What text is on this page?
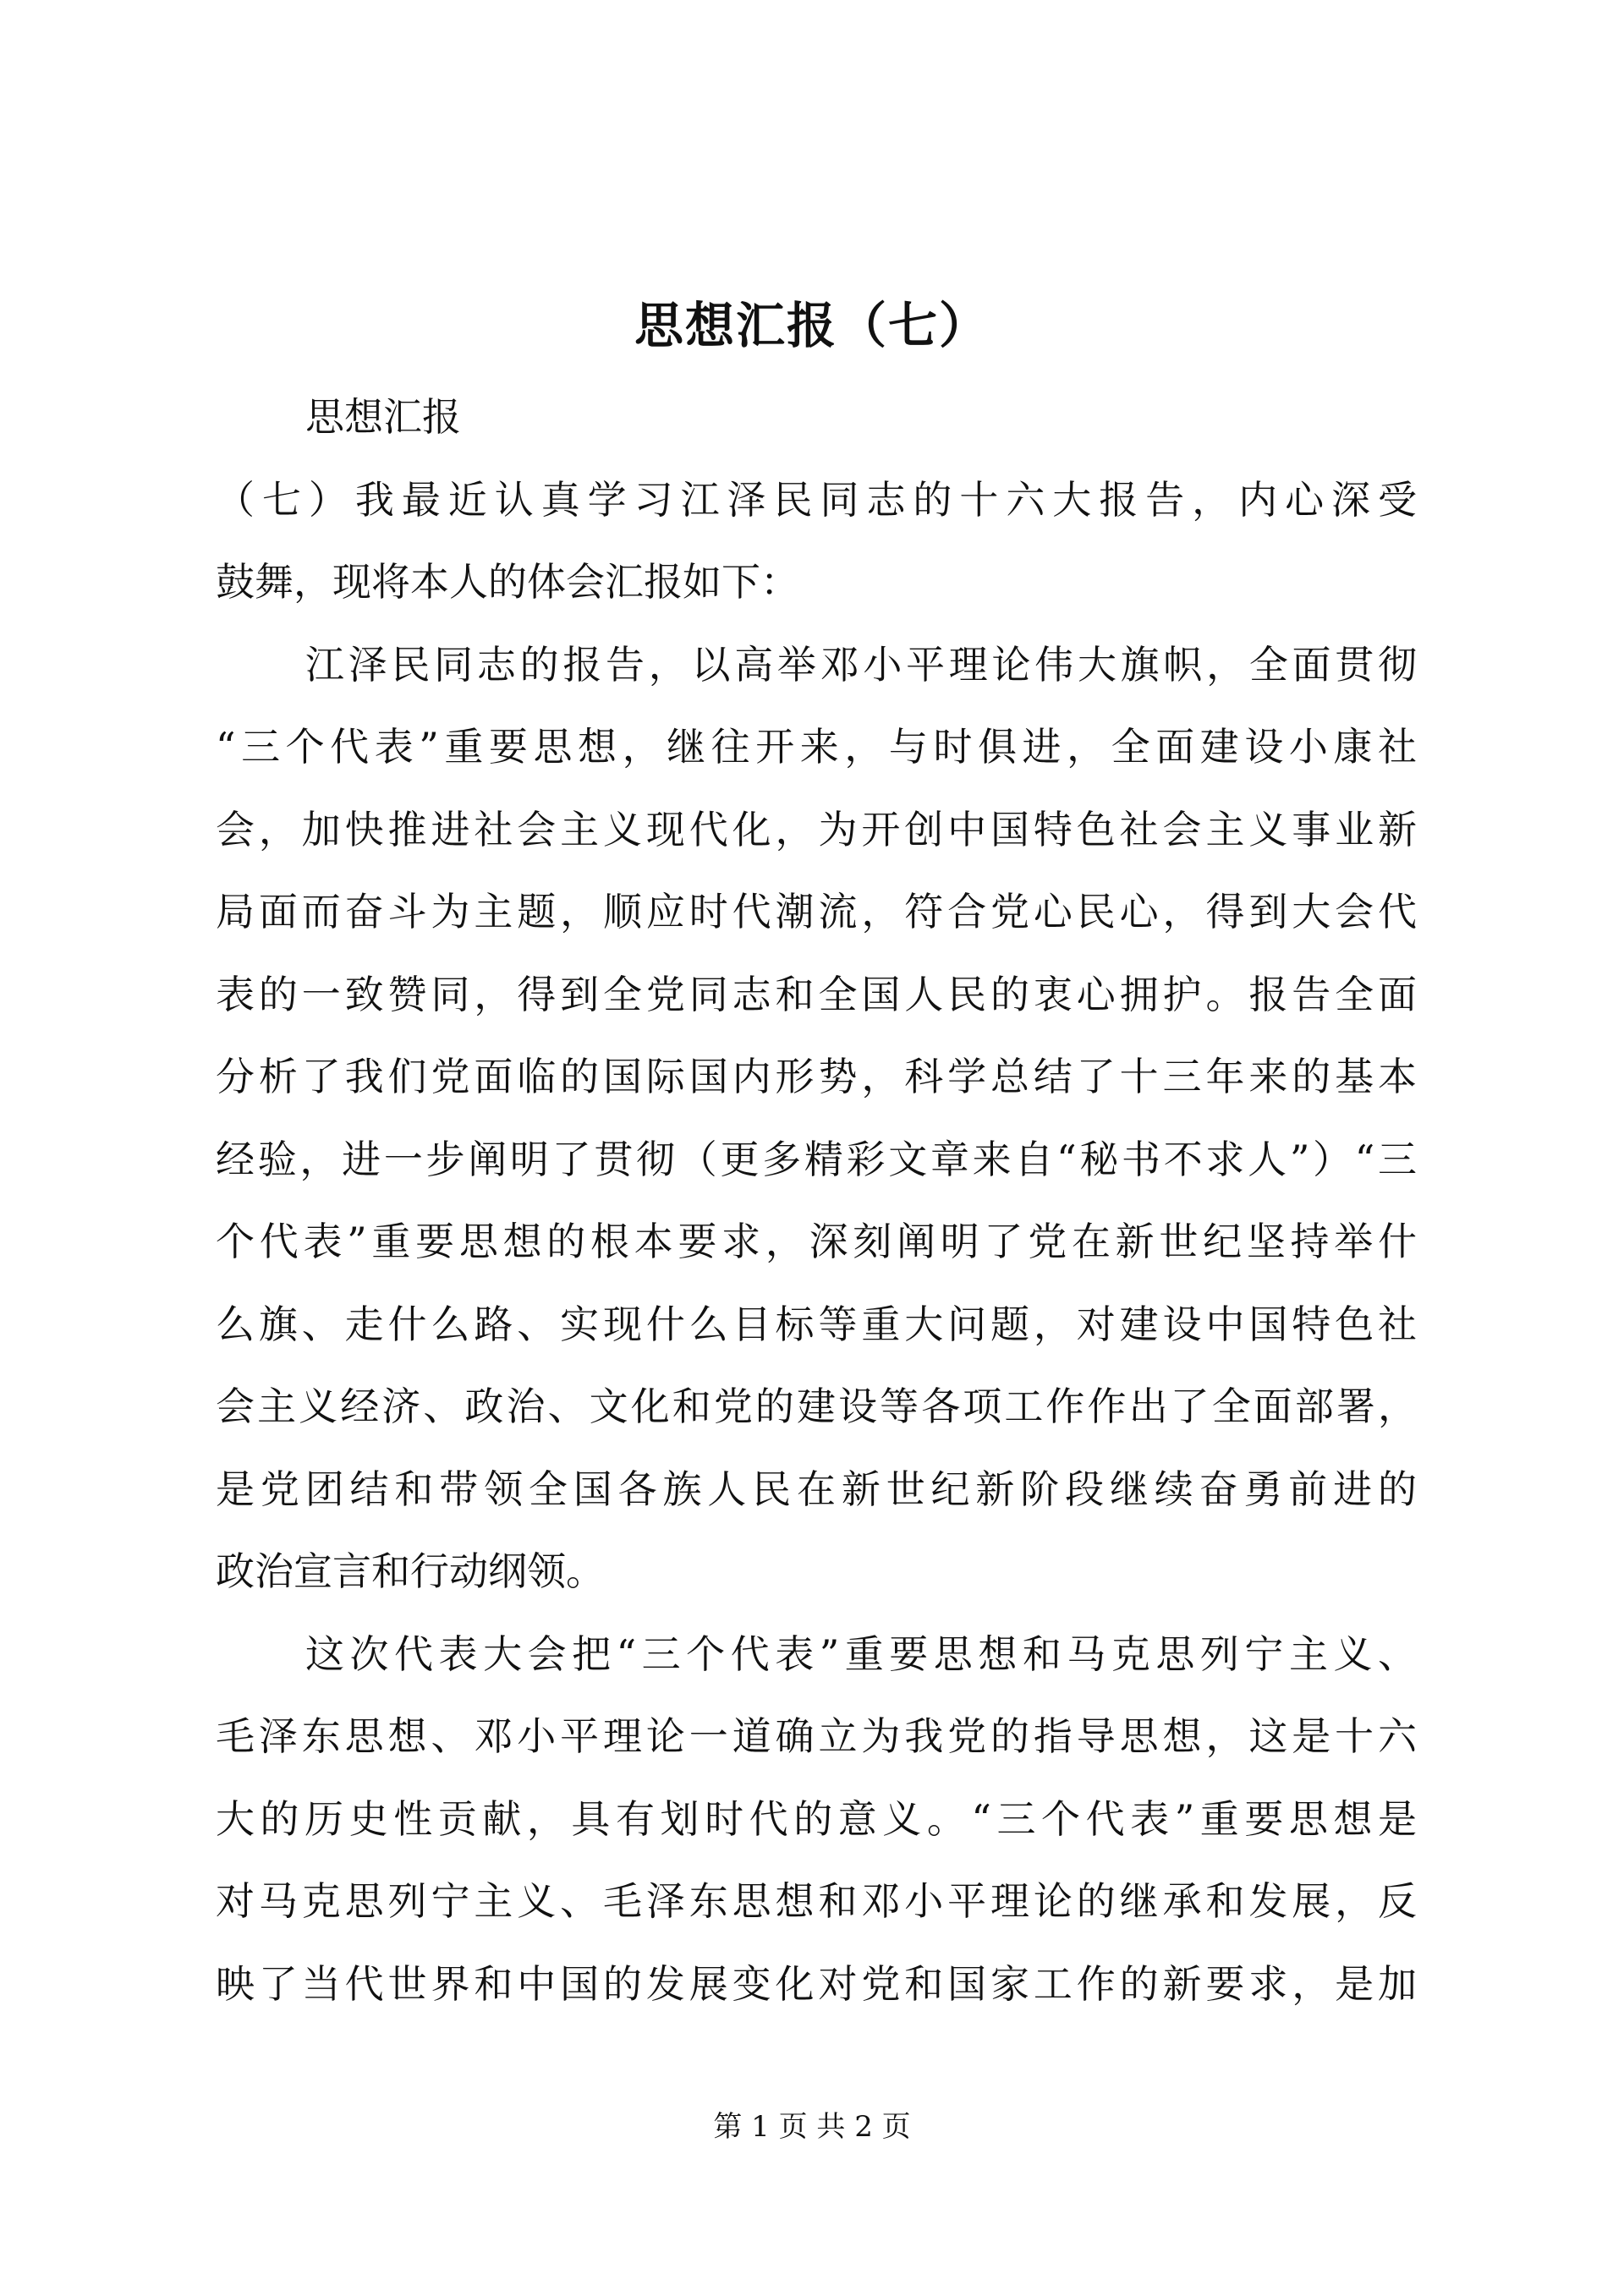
思想汇报（七）
思想汇报
（七）我最近认真学习江泽民同志的十六大报告，内心深受
鼓舞，现将本人的体会汇报如下：
江泽民同志的报告，以高举邓小平理论伟大旗帜，全面贯彻
“三个代表”重要思想，继往开来，与时俱进，全面建设小康社
会，加快推进社会主义现代化，为开创中国特色社会主义事业新
局面而奋斗为主题，顺应时代潮流，符合党心民心，得到大会代
表的一致赞同，得到全党同志和全国人民的衷心拥护。报告全面
分析了我们党面临的国际国内形势，科学总结了十三年来的基本
经验，进一步阐明了贯彻（更多精彩文章来自“秘书不求人”）“三
个代表”重要思想的根本要求，深刻阐明了党在新世纪坚持举什
么旗、走什么路、实现什么目标等重大问题，对建设中国特色社
会主义经济、政治、文化和党的建设等各项工作作出了全面部署，
是党团结和带领全国各族人民在新世纪新阶段继续奋勇前进的
政治宣言和行动纲领。
这次代表大会把“三个代表”重要思想和马克思列宁主义、
毛泽东思想、邓小平理论一道确立为我党的指导思想，这是十六
大的历史性贡献，具有划时代的意义。“三个代表”重要思想是
对马克思列宁主义、毛泽东思想和邓小平理论的继承和发展，反
映了当代世界和中国的发展变化对党和国家工作的新要求，是加
第 1 页 共 2 页
